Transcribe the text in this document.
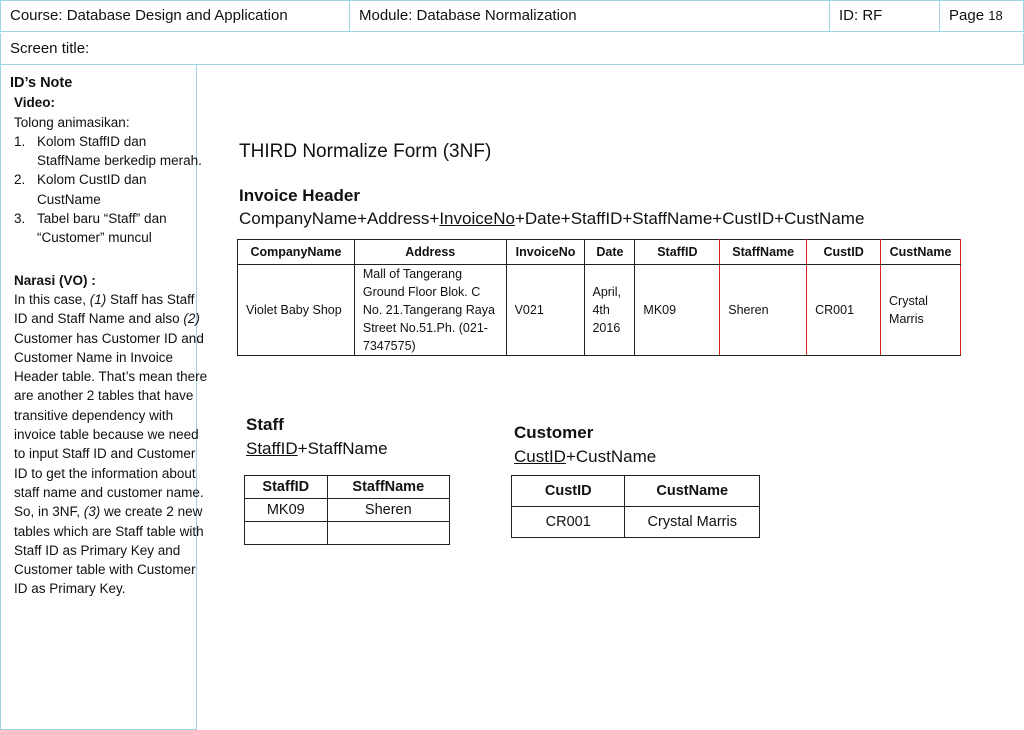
Course: Database Design and Application	Module: Database Normalization	ID: RF	Page 18
Screen title:
ID’s Note
Video:
Tolong animasikan:
1. Kolom StaffID dan StaffName berkedip merah.
2. Kolom CustID dan CustName
3. Tabel baru “Staff” dan “Customer” muncul
Narasi (VO) :
In this case, (1) Staff has Staff ID and Staff Name and also (2) Customer has Customer ID and Customer Name in Invoice Header table. That’s mean there are another 2 tables that have transitive dependency with invoice table because we need to input Staff ID and Customer ID to get the information about staff name and customer name. So, in 3NF, (3) we create 2 new tables which are Staff table with Staff ID as Primary Key and Customer table with Customer ID as Primary Key.
THIRD Normalize Form (3NF)
Invoice Header
CompanyName+Address+InvoiceNo+Date+StaffID+StaffName+CustID+CustName
CompanyName	Address	InvoiceNo	Date	StaffID	StaffName	CustID	CustName
Violet Baby Shop	Mall of Tangerang Ground Floor Blok. C No. 21.Tangerang Raya Street No.51.Ph. (021-7347575)	V021	April, 4th 2016	MK09	Sheren	CR001	Crystal Marris
Staff
StaffID+StaffName
StaffID	StaffName
MK09	Sheren

Customer
CustID+CustName
CustID	CustName
CR001	Crystal Marris
